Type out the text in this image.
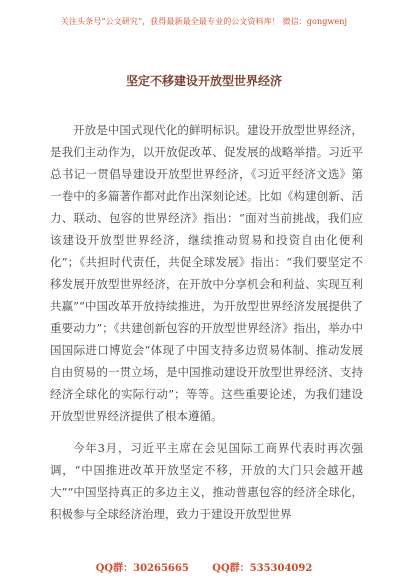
关注头条号“公文研究”，获得最新最全最专业的公文资料库！ 微信：gongwenj
坚定不移建设开放型世界经济

开放是中国式现代化的鲜明标识。建设开放型世界经济，是我们主动作为，以开放促改革、促发展的战略举措。习近平总书记一贯倡导建设开放型世界经济，《习近平经济文选》第一卷中的多篇著作都对此作出深刻论述。比如《构建创新、活力、联动、包容的世界经济》指出：“面对当前挑战，我们应该建设开放型世界经济，继续推动贸易和投资自由化便利化”；《共担时代责任，共促全球发展》指出：“我们要坚定不移发展开放型世界经济，在开放中分享机会和利益、实现互利共赢”“中国改革开放持续推进，为开放型世界经济发展提供了重要动力”；《共建创新包容的开放型世界经济》指出，举办中国国际进口博览会“体现了中国支持多边贸易体制、推动发展自由贸易的一贯立场，是中国推动建设开放型世界经济、支持经济全球化的实际行动”；等等。这些重要论述，为我们建设开放型世界经济提供了根本遵循。

今年3月，习近平主席在会见国际工商界代表时再次强调，“中国推进改革开放坚定不移，开放的大门只会越开越大”“中国坚持真正的多边主义，推动普惠包容的经济全球化，积极参与全球经济治理，致力于建设开放型世界

QQ群：30265665 QQ群：535304092
